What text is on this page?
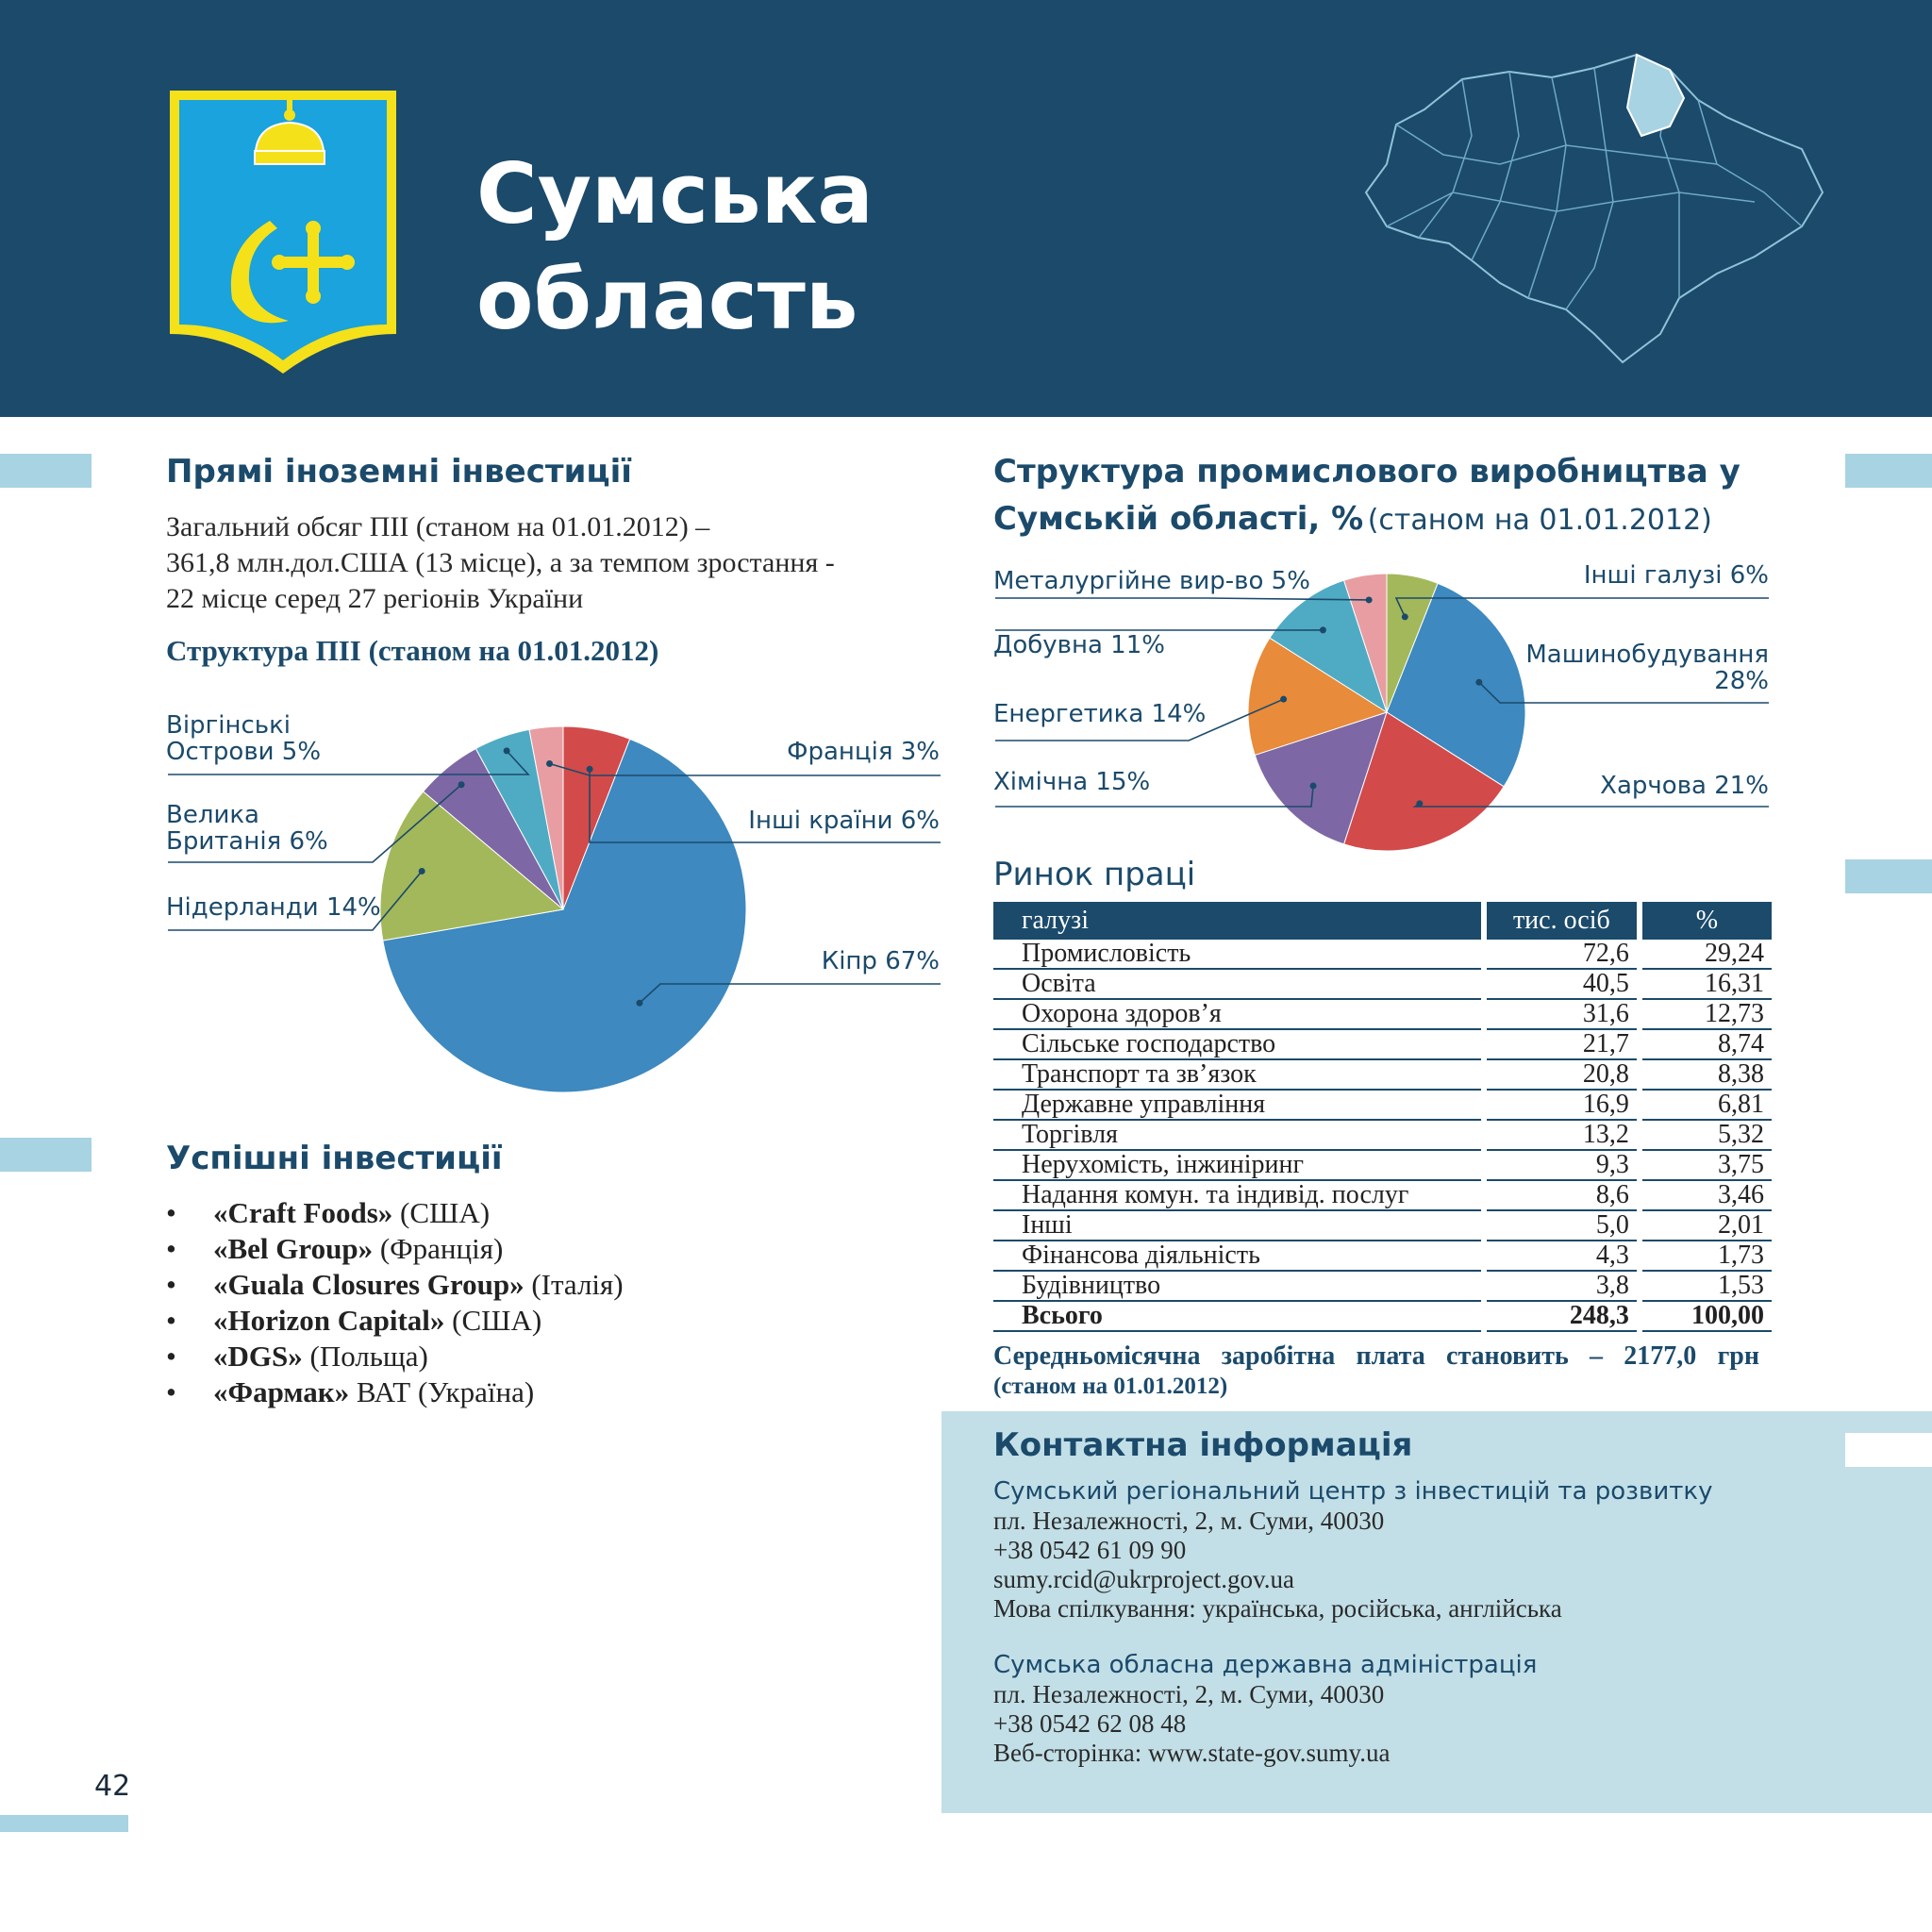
Сумська
область
Прямі іноземні інвестиції
Загальний обсяг ПІІ (станом на 01.01.2012) –
361,8 млн.дол.США (13 місце), а за темпом зростання -
22 місце серед 27 регіонів України
Структура ПІІ (станом на 01.01.2012)
Віргінські
Острови 5%
Велика
Британія 6%
Нідерланди 14%
Франція 3%
Інші країни 6%
Кіпр 67%
Успішні інвестиції
• «Craft Foods» (США)
• «Bel Group» (Франція)
• «Guala Closures Group» (Італія)
• «Horizon Capital» (США)
• «DGS» (Польща)
• «Фармак» ВАТ (Україна)
42
Структура промислового виробництва у
Сумській області, % (станом на 01.01.2012)
Металургійне вир-во 5%
Добувна 11%
Енергетика 14%
Хімічна 15%
Інші галузі 6%
Машинобудування
28%
Харчова 21%
Ринок праці
галузі	тис. осіб	%
Промисловість	72,6	29,24
Освіта	40,5	16,31
Охорона здоров’я	31,6	12,73
Сільське господарство	21,7	8,74
Транспорт та зв’язок	20,8	8,38
Державне управління	16,9	6,81
Торгівля	13,2	5,32
Нерухомість, інжиніринг	9,3	3,75
Надання комун. та індивід. послуг	8,6	3,46
Інші	5,0	2,01
Фінансова діяльність	4,3	1,73
Будівництво	3,8	1,53
Всього	248,3	100,00
Середньомісячна заробітна плата становить – 2177,0 грн
(станом на 01.01.2012)
Контактна інформація
Сумський регіональний центр з інвестицій та розвитку
пл. Незалежності, 2, м. Суми, 40030
+38 0542 61 09 90
sumy.rcid@ukrproject.gov.ua
Мова спілкування: українська, російська, англійська
Сумська обласна державна адміністрація
пл. Незалежності, 2, м. Суми, 40030
+38 0542 62 08 48
Веб-сторінка: www.state-gov.sumy.ua
